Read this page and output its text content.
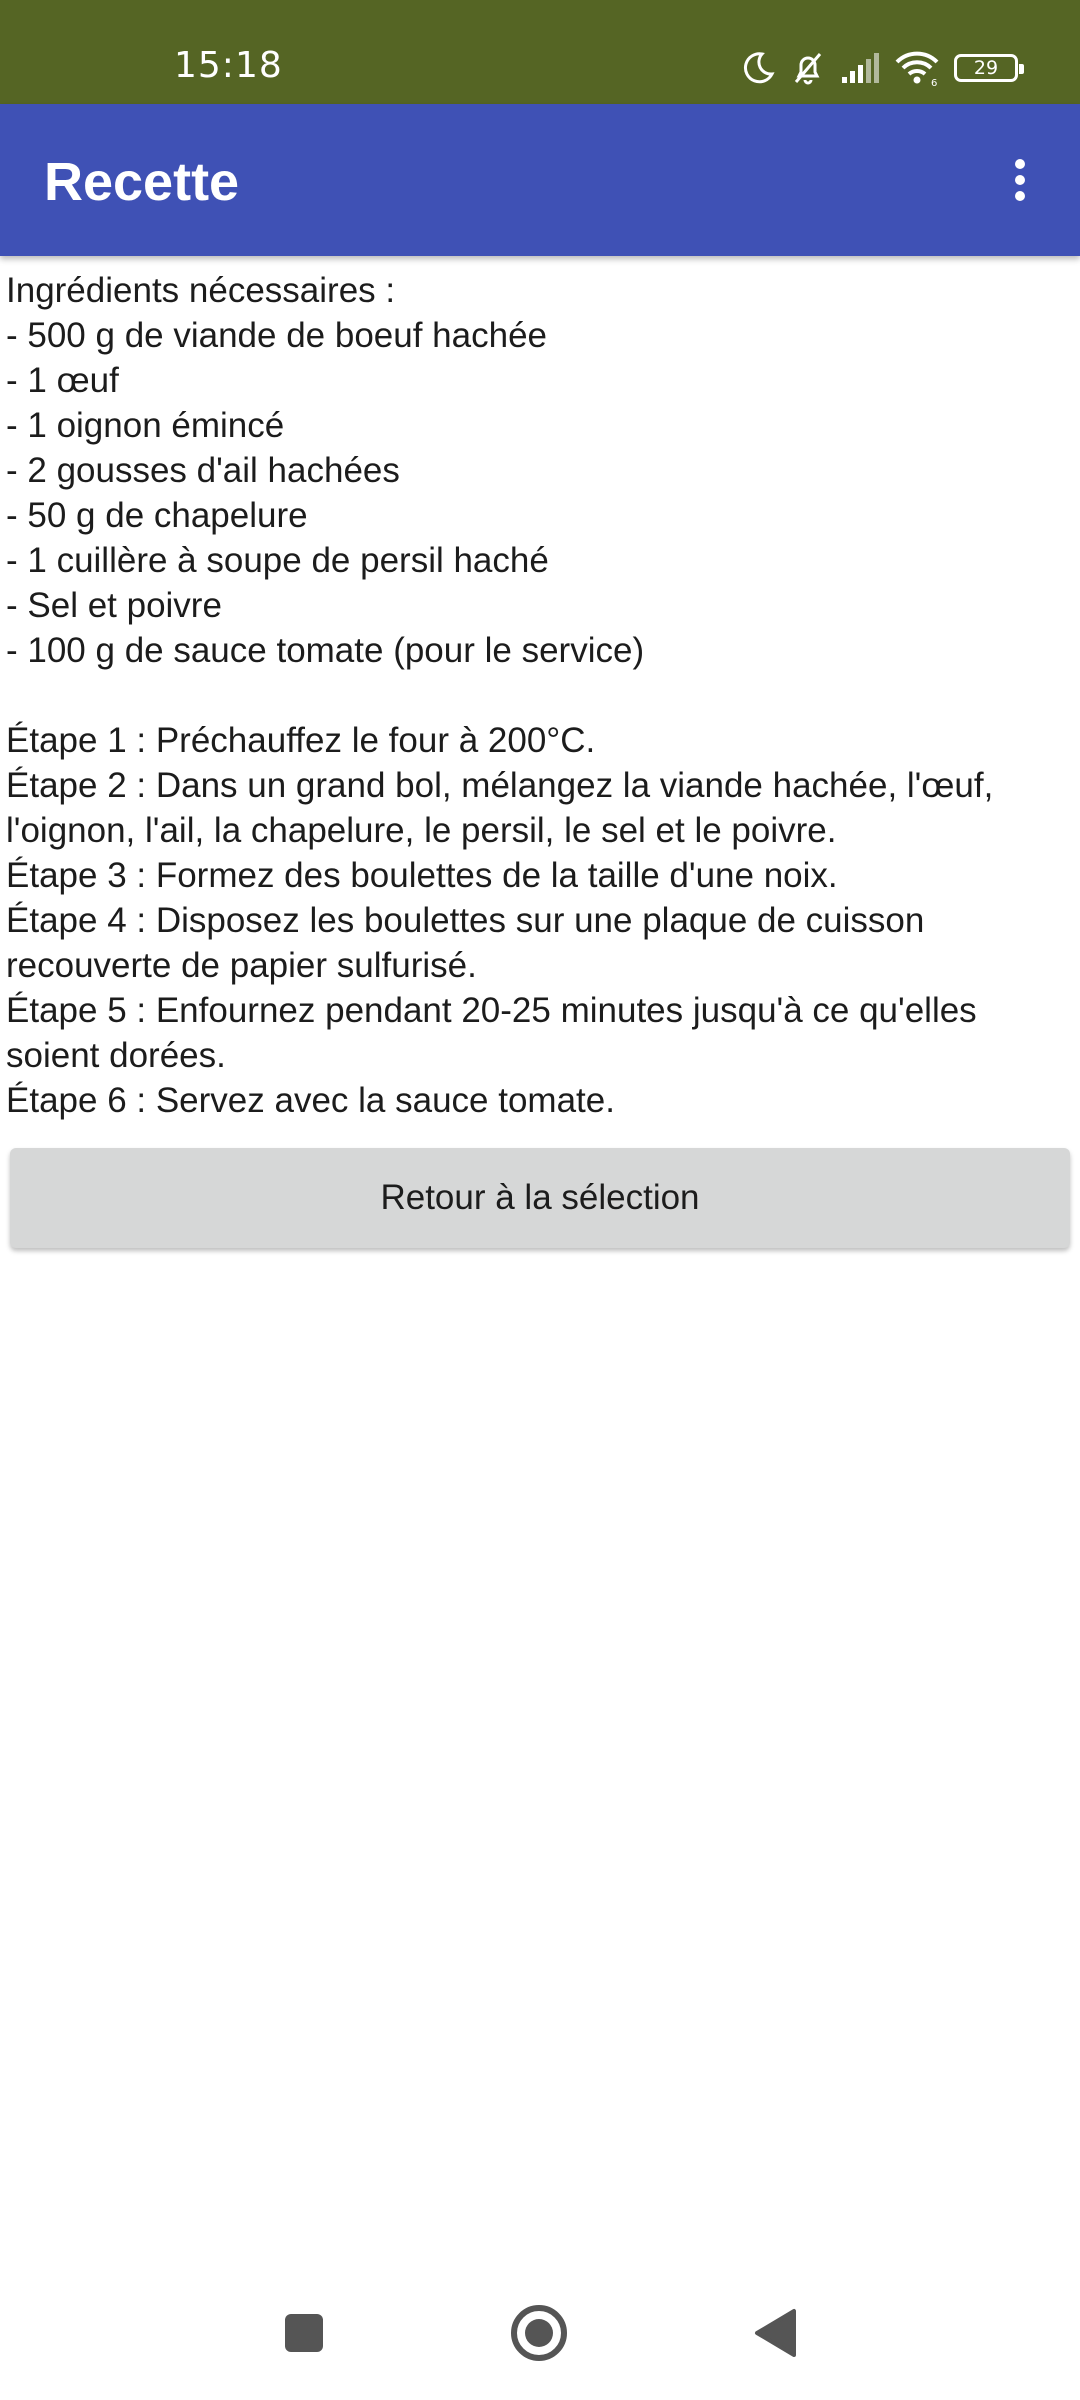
15:18	6
29
Recette

Ingrédients nécessaires :
- 500 g de viande de boeuf hachée
- 1 œuf
- 1 oignon émincé
- 2 gousses d'ail hachées
- 50 g de chapelure
- 1 cuillère à soupe de persil haché
- Sel et poivre
- 100 g de sauce tomate (pour le service)

Étape 1 : Préchauffez le four à 200°C.
Étape 2 : Dans un grand bol, mélangez la viande hachée, l'œuf, l'oignon, l'ail, la chapelure, le persil, le sel et le poivre.
Étape 3 : Formez des boulettes de la taille d'une noix.
Étape 4 : Disposez les boulettes sur une plaque de cuisson recouverte de papier sulfurisé.
Étape 5 : Enfournez pendant 20-25 minutes jusqu'à ce qu'elles soient dorées.
Étape 6 : Servez avec la sauce tomate.

Retour à la sélection
